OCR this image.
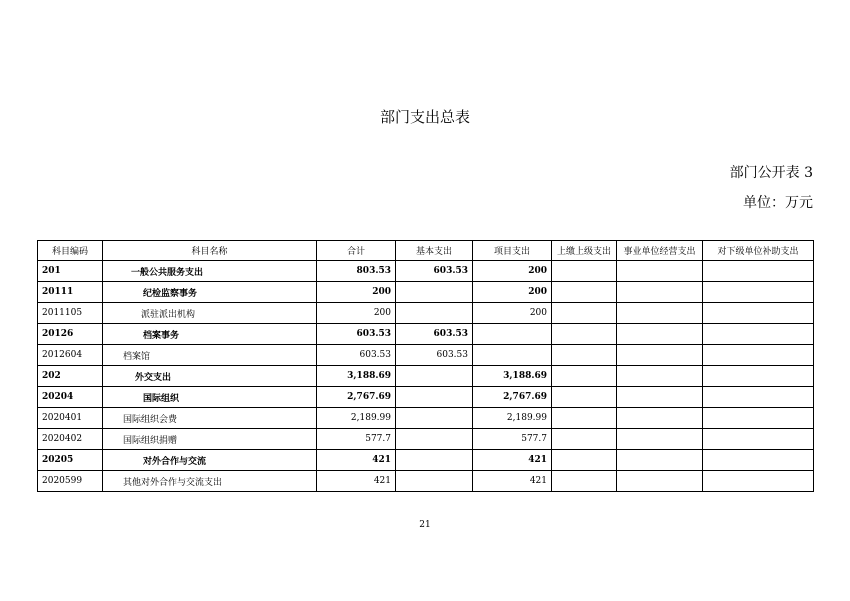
部门支出总表
部门公开表 3
单位：万元
科目编码	科目名称	合计	基本支出	项目支出	上缴上级支出	事业单位经营支出	对下级单位补助支出
201	一般公共服务支出	803.53	603.53	200			
20111	纪检监察事务	200		200			
2011105	派驻派出机构	200		200			
20126	档案事务	603.53	603.53				
2012604	档案馆	603.53	603.53				
202	外交支出	3,188.69		3,188.69			
20204	国际组织	2,767.69		2,767.69			
2020401	国际组织会费	2,189.99		2,189.99			
2020402	国际组织捐赠	577.7		577.7			
20205	对外合作与交流	421		421			
2020599	其他对外合作与交流支出	421		421			
21
